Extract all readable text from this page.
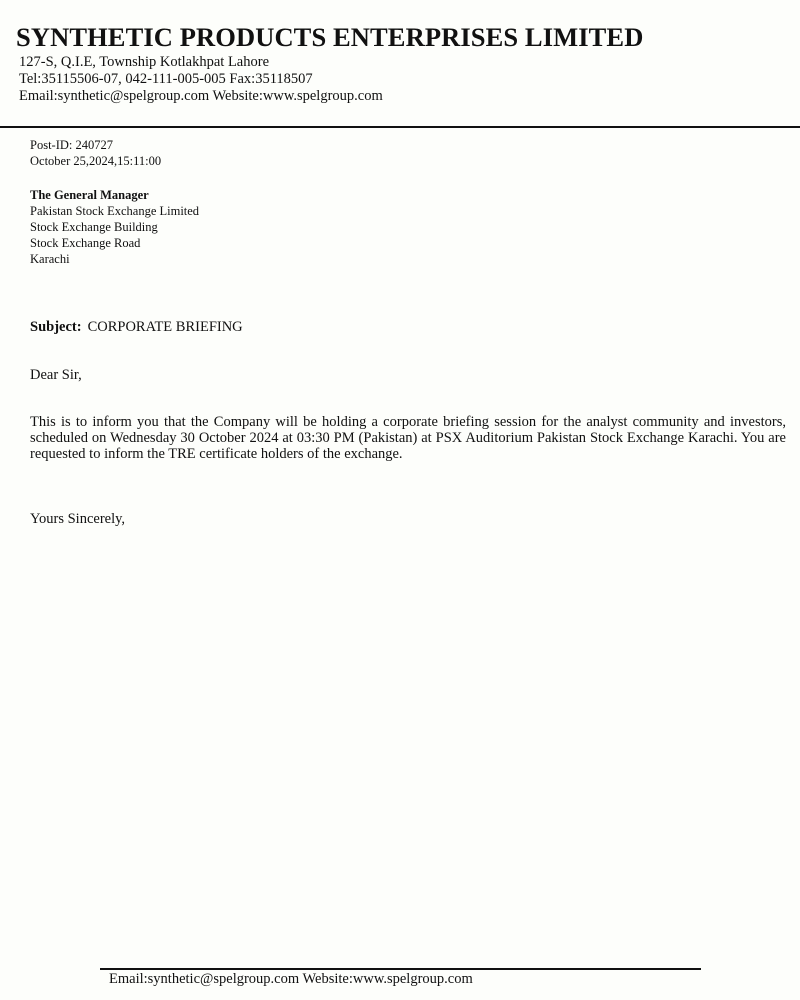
SYNTHETIC PRODUCTS ENTERPRISES LIMITED
127-S, Q.I.E, Township Kotlakhpat Lahore
Tel:35115506-07, 042-111-005-005 Fax:35118507
Email:synthetic@spelgroup.com Website:www.spelgroup.com
Post-ID: 240727
October 25,2024,15:11:00
The General Manager
Pakistan Stock Exchange Limited
Stock Exchange Building
Stock Exchange Road
Karachi
Subject: CORPORATE BRIEFING
Dear Sir,

This is to inform you that the Company will be holding a corporate briefing session for the analyst community and investors, scheduled on Wednesday 30 October 2024 at 03:30 PM (Pakistan) at PSX Auditorium Pakistan Stock Exchange Karachi. You are requested to inform the TRE certificate holders of the exchange.

Yours Sincerely,
Email:synthetic@spelgroup.com Website:www.spelgroup.com
